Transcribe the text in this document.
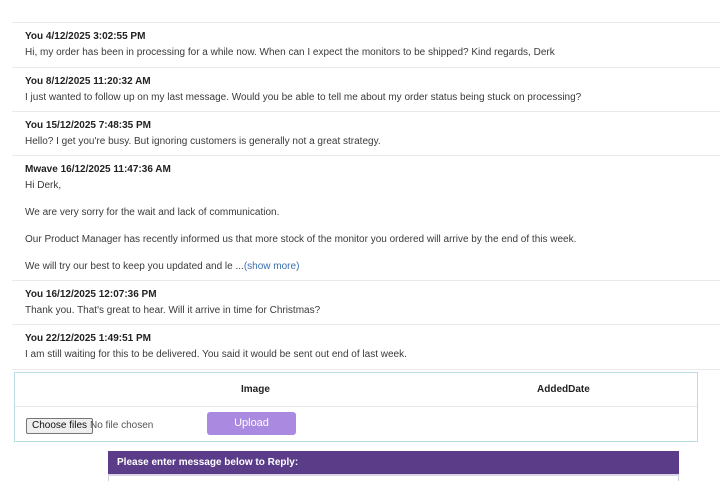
You 4/12/2025 3:02:55 PM
Hi, my order has been in processing for a while now. When can I expect the monitors to be shipped? Kind regards, Derk
You 8/12/2025 11:20:32 AM
I just wanted to follow up on my last message. Would you be able to tell me about my order status being stuck on processing?
You 15/12/2025 7:48:35 PM
Hello? I get you're busy. But ignoring customers is generally not a great strategy.
Mwave 16/12/2025 11:47:36 AM
Hi Derk,
We are very sorry for the wait and lack of communication.
Our Product Manager has recently informed us that more stock of the monitor you ordered will arrive by the end of this week.
We will try our best to keep you updated and le ...(show more)
You 16/12/2025 12:07:36 PM
Thank you. That's great to hear. Will it arrive in time for Christmas?
You 22/12/2025 1:49:51 PM
I am still waiting for this to be delivered. You said it would be sent out end of last week.
Image	AddedDate
Choose files No file chosen	Upload
Please enter message below to Reply:
